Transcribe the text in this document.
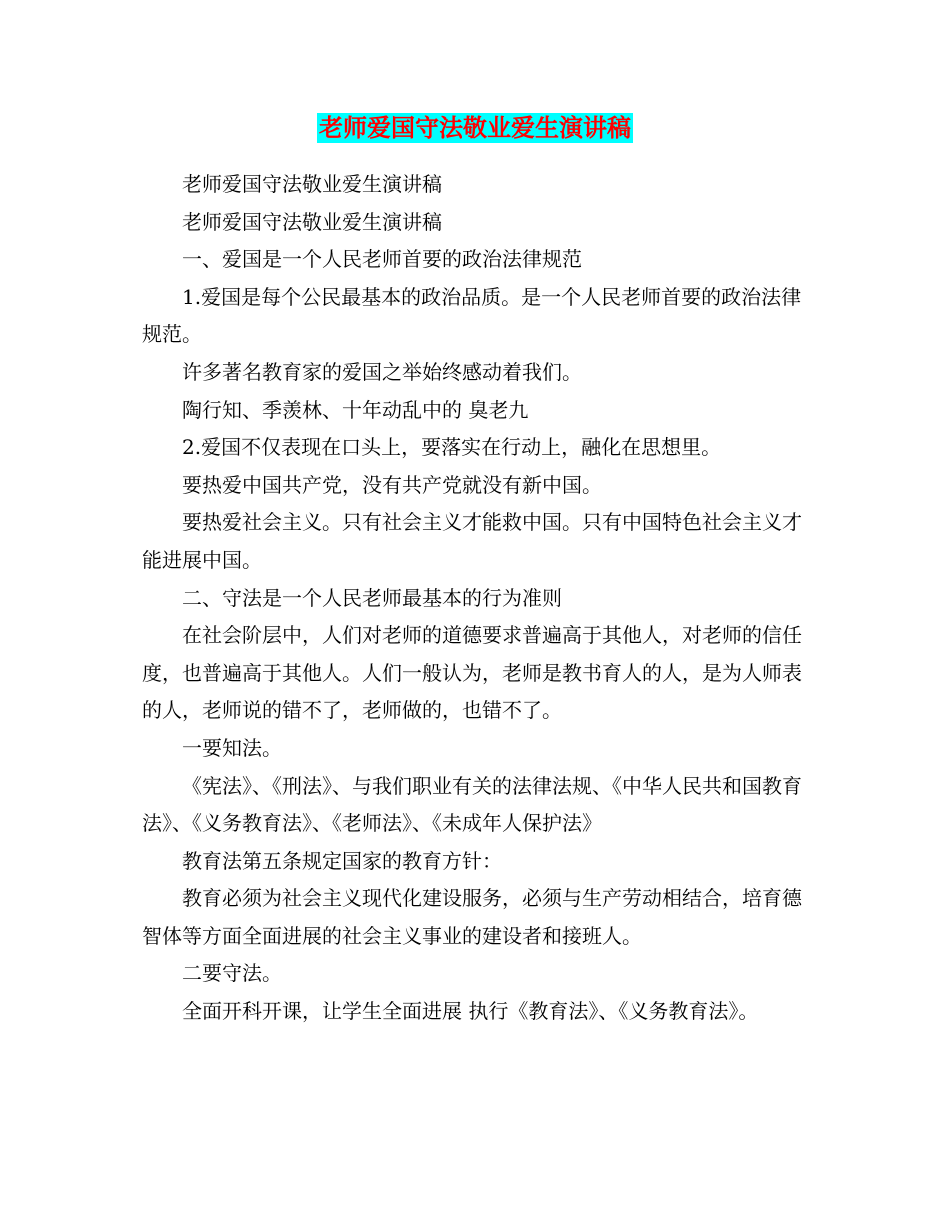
老师爱国守法敬业爱生演讲稿

老师爱国守法敬业爱生演讲稿

老师爱国守法敬业爱生演讲稿

一、爱国是一个人民老师首要的政治法律规范

1.爱国是每个公民最基本的政治品质。是一个人民老师首要的政治法律规范。

许多著名教育家的爱国之举始终感动着我们。

陶行知、季羡林、十年动乱中的 臭老九

2.爱国不仅表现在口头上，要落实在行动上，融化在思想里。

要热爱中国共产党，没有共产党就没有新中国。

要热爱社会主义。只有社会主义才能救中国。只有中国特色社会主义才能进展中国。

二、守法是一个人民老师最基本的行为准则

在社会阶层中，人们对老师的道德要求普遍高于其他人，对老师的信任度，也普遍高于其他人。人们一般认为，老师是教书育人的人，是为人师表的人，老师说的错不了，老师做的，也错不了。

一要知法。

《宪法》、《刑法》、与我们职业有关的法律法规、《中华人民共和国教育法》、《义务教育法》、《老师法》、《未成年人保护法》

教育法第五条规定国家的教育方针：

教育必须为社会主义现代化建设服务，必须与生产劳动相结合，培育德智体等方面全面进展的社会主义事业的建设者和接班人。

二要守法。

全面开科开课，让学生全面进展 执行《教育法》、《义务教育法》。
